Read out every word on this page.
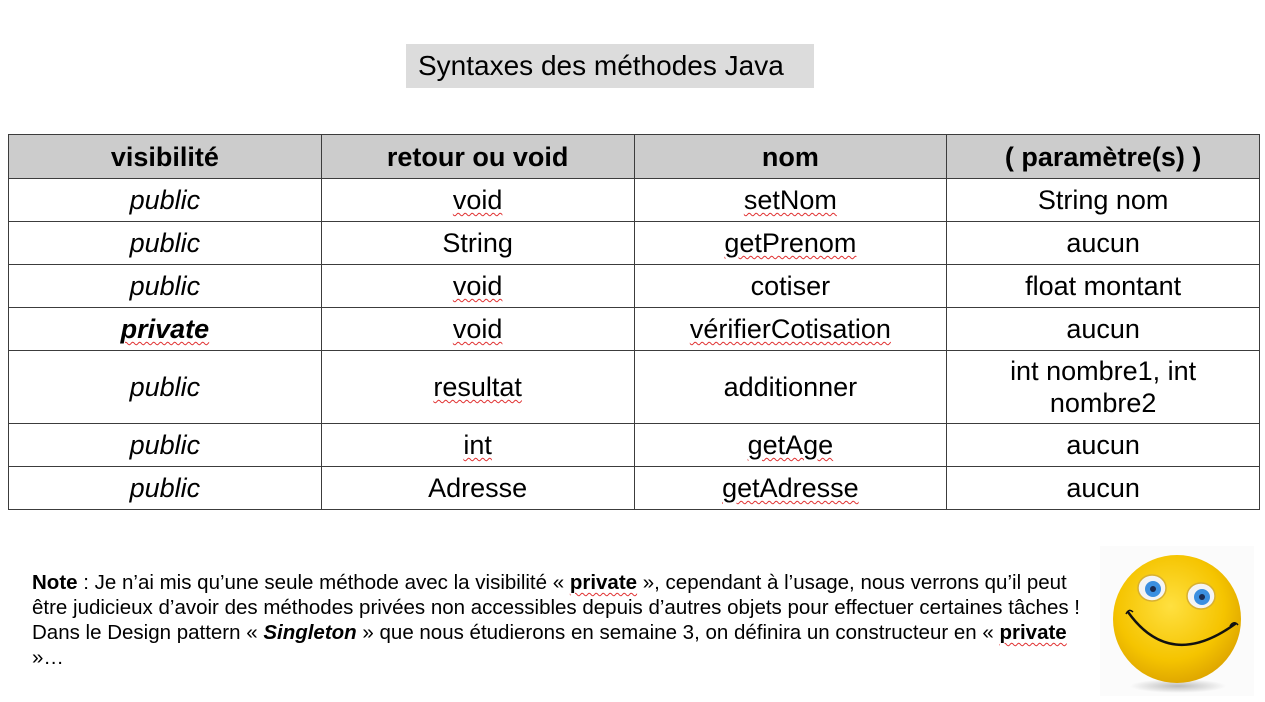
Syntaxes des méthodes Java
visibilité	retour ou void	nom	( paramètre(s) )
public	void	setNom	String nom
public	String	getPrenom	aucun
public	void	cotiser	float montant
private	void	vérifierCotisation	aucun
public	resultat	additionner	int nombre1, int nombre2
public	int	getAge	aucun
public	Adresse	getAdresse	aucun
Note : Je n’ai mis qu’une seule méthode avec la visibilité « private », cependant à l’usage, nous verrons qu’il peut être judicieux d’avoir des méthodes privées non accessibles depuis d’autres objets pour effectuer certaines tâches ! Dans le Design pattern « Singleton » que nous étudierons en semaine 3, on définira un constructeur en « private »…
